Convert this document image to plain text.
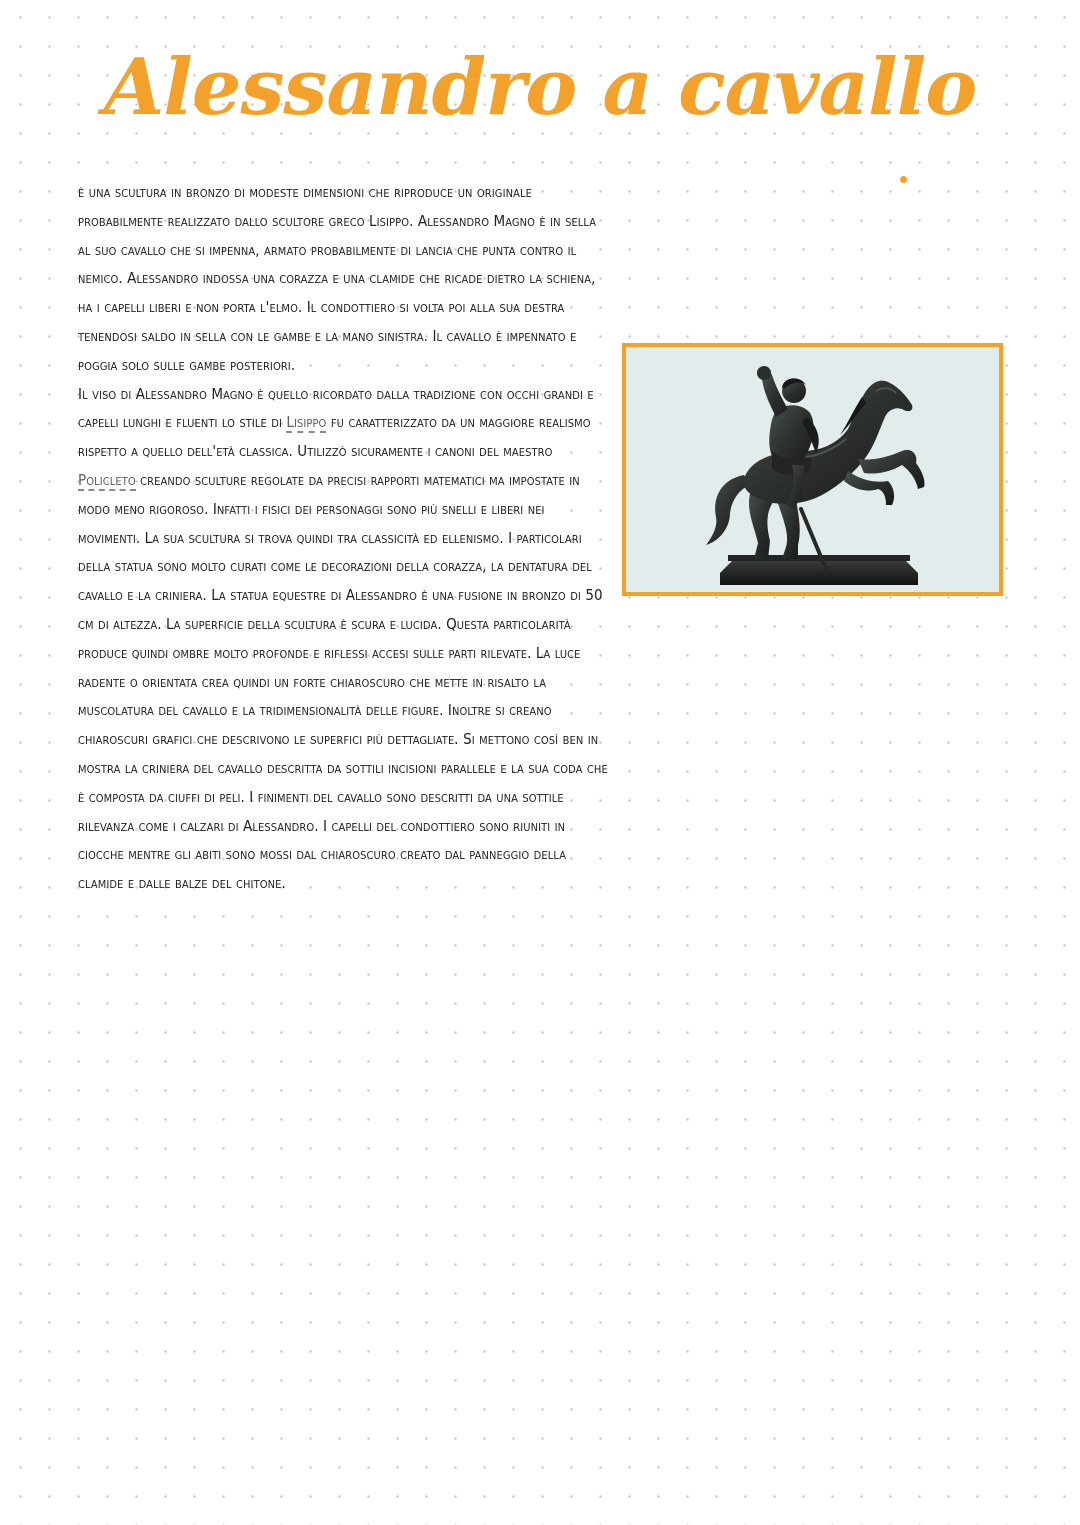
Alessandro a cavallo

è una scultura in bronzo di modeste dimensioni che riproduce un originale probabilmente realizzato dallo scultore greco Lisippo. Alessandro Magno è in sella al suo cavallo che si impenna, armato probabilmente di lancia che punta contro il nemico. Alessandro indossa una corazza e una clamide che ricade dietro la schiena, ha i capelli liberi e non porta l'elmo. Il condottiero si volta poi alla sua destra tenendosi saldo in sella con le gambe e la mano sinistra. Il cavallo è impennato e poggia solo sulle gambe posteriori.

Il viso di Alessandro Magno è quello ricordato dalla tradizione con occhi grandi e capelli lunghi e fluenti lo stile di Lisippo fu caratterizzato da un maggiore realismo rispetto a quello dell'età classica. Utilizzò sicuramente i canoni del maestro Policleto creando sculture regolate da precisi rapporti matematici ma impostate in modo meno rigoroso. Infatti i fisici dei personaggi sono più snelli e liberi nei movimenti. La sua scultura si trova quindi tra classicità ed ellenismo. I particolari della statua sono molto curati come le decorazioni della corazza, la dentatura del cavallo e la criniera. La statua equestre di Alessandro è una fusione in bronzo di 50 cm di altezza. La superficie della scultura è scura e lucida. Questa particolarità produce quindi ombre molto profonde e riflessi accesi sulle parti rilevate. La luce radente o orientata crea quindi un forte chiaroscuro che mette in risalto la muscolatura del cavallo e la tridimensionalità delle figure. Inoltre si creano chiaroscuri grafici che descrivono le superfici più dettagliate. Si mettono così ben in mostra la criniera del cavallo descritta da sottili incisioni parallele e la sua coda che è composta da ciuffi di peli. I finimenti del cavallo sono descritti da una sottile rilevanza come i calzari di Alessandro. I capelli del condottiero sono riuniti in ciocche mentre gli abiti sono mossi dal chiaroscuro creato dal panneggio della clamide e dalle balze del chitone.
